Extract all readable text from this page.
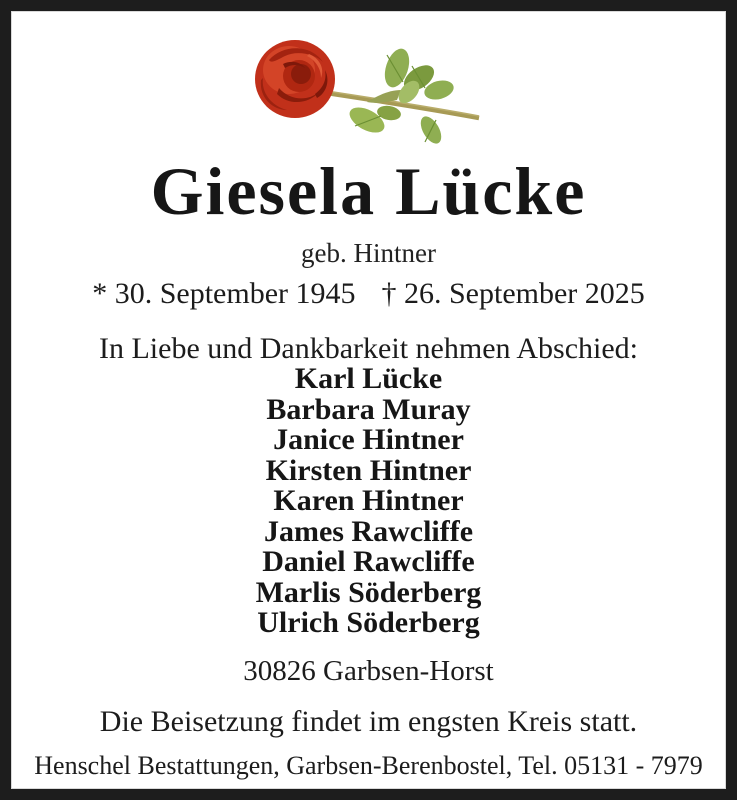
Giesela Lücke
geb. Hintner
* 30. September 1945 † 26. September 2025
In Liebe und Dankbarkeit nehmen Abschied:
Karl Lücke
Barbara Muray
Janice Hintner
Kirsten Hintner
Karen Hintner
James Rawcliffe
Daniel Rawcliffe
Marlis Söderberg
Ulrich Söderberg
30826 Garbsen-Horst
Die Beisetzung findet im engsten Kreis statt.
Henschel Bestattungen, Garbsen-Berenbostel, Tel. 05131 - 7979
